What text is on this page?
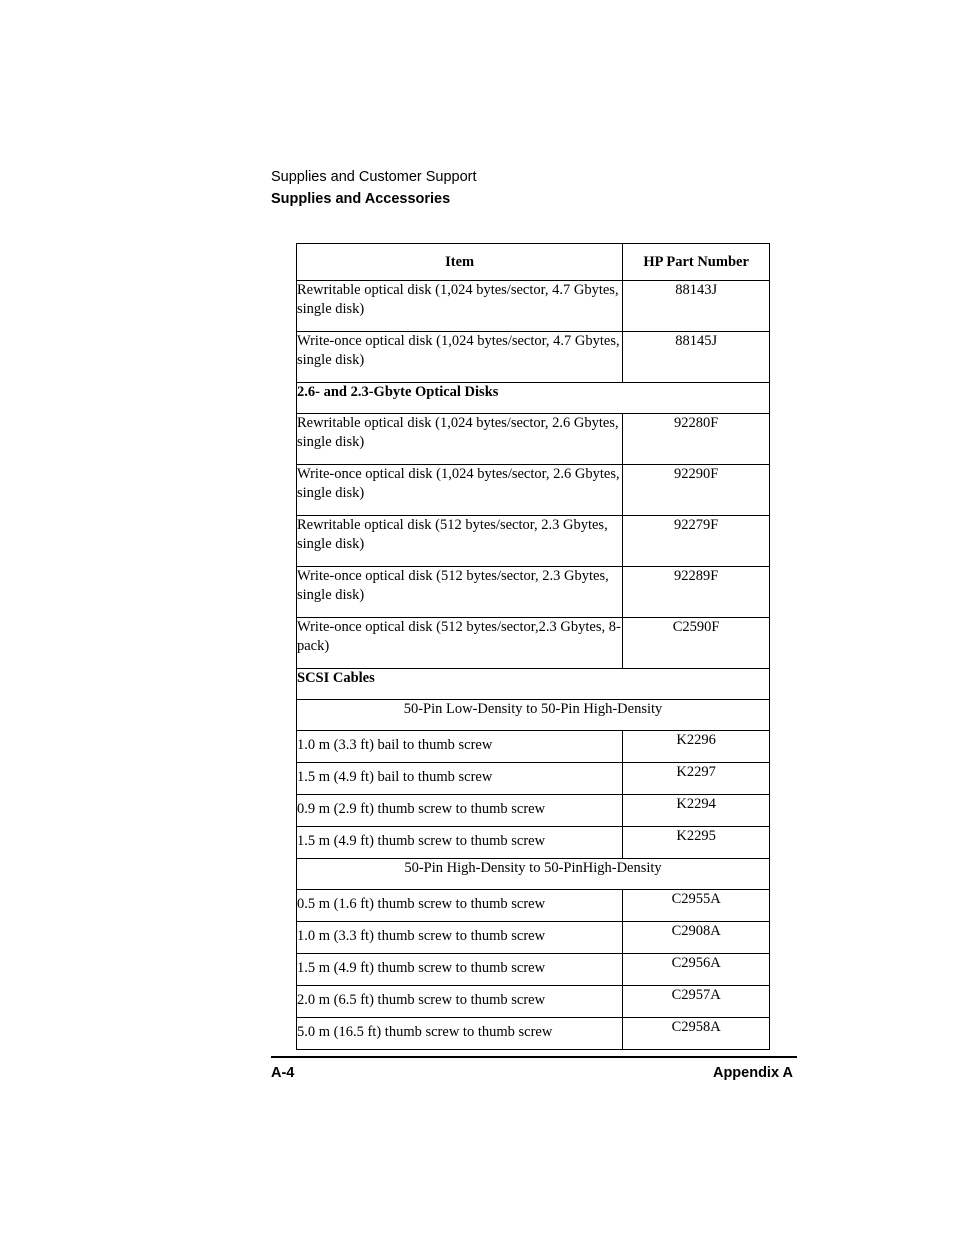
Supplies and Customer Support
Supplies and Accessories
Item	HP Part Number
Rewritable optical disk (1,024 bytes/sector, 4.7 Gbytes, single disk)	88143J
Write-once optical disk (1,024 bytes/sector, 4.7 Gbytes, single disk)	88145J
2.6- and 2.3-Gbyte Optical Disks	
Rewritable optical disk (1,024 bytes/sector, 2.6 Gbytes, single disk)	92280F
Write-once optical disk (1,024 bytes/sector, 2.6 Gbytes, single disk)	92290F
Rewritable optical disk (512 bytes/sector, 2.3 Gbytes, single disk)	92279F
Write-once optical disk (512 bytes/sector, 2.3 Gbytes, single disk)	92289F
Write-once optical disk (512 bytes/sector,2.3 Gbytes, 8-pack)	C2590F
SCSI Cables	
50-Pin Low-Density to 50-Pin High-Density	
1.0 m (3.3 ft) bail to thumb screw	K2296
1.5 m (4.9 ft) bail to thumb screw	K2297
0.9 m (2.9 ft) thumb screw to thumb screw	K2294
1.5 m (4.9 ft) thumb screw to thumb screw	K2295
50-Pin High-Density to 50-PinHigh-Density	
0.5 m (1.6 ft) thumb screw to thumb screw	C2955A
1.0 m (3.3 ft) thumb screw to thumb screw	C2908A
1.5 m (4.9 ft) thumb screw to thumb screw	C2956A
2.0 m (6.5 ft) thumb screw to thumb screw	C2957A
5.0 m (16.5 ft) thumb screw to thumb screw	C2958A
A-4	Appendix A
